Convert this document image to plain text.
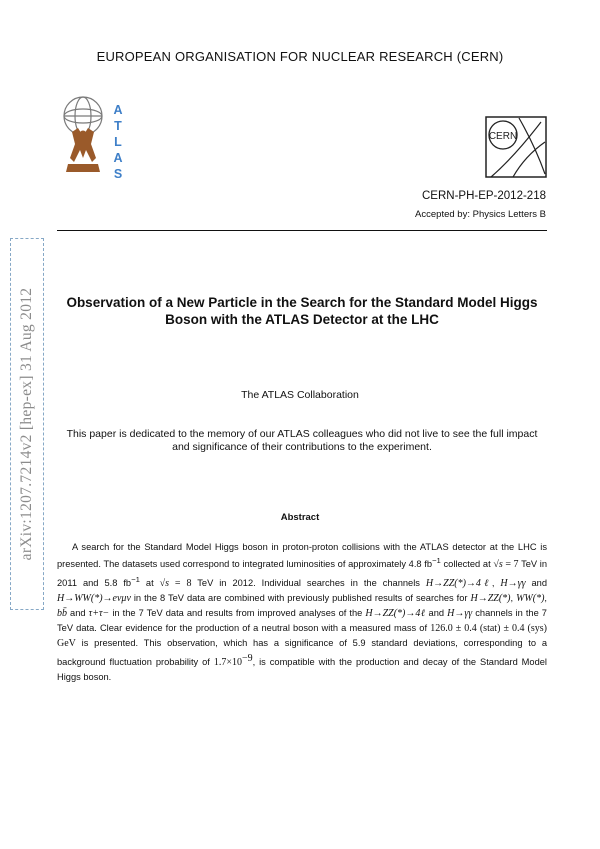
EUROPEAN ORGANISATION FOR NUCLEAR RESEARCH (CERN)
A
T
L
A
S
CERN
CERN-PH-EP-2012-218
Accepted by: Physics Letters B
arXiv:1207.7214v2 [hep-ex] 31 Aug 2012	Observation of a New Particle in the Search for the Standard Model Higgs Boson with the ATLAS Detector at the LHC
The ATLAS Collaboration
This paper is dedicated to the memory of our ATLAS colleagues who did not live to see the full impact and significance of their contributions to the experiment.
Abstract

A search for the Standard Model Higgs boson in proton-proton collisions with the ATLAS detector at the LHC is presented. The datasets used correspond to integrated luminosities of approximately 4.8 $fb^{-1}$ collected at √s = 7 TeV in 2011 and 5.8 $fb^{-1}$ at √s = 8 TeV in 2012. Individual searches in the channels H→ZZ(*)→4ℓ, H→γγ and H→WW(*)→eνμν in the 8 TeV data are combined with previously published results of searches for H→ZZ(*), WW(*), bb̄ and τ+τ− in the 7 TeV data and results from improved analyses of the H→ZZ(*)→4ℓ and H→γγ channels in the 7 TeV data. Clear evidence for the production of a neutral boson with a measured mass of 126.0 ± 0.4 (stat) ± 0.4 (sys) GeV is presented. This observation, which has a significance of 5.9 standard deviations, corresponding to a background fluctuation probability of $1.7\times 10^{-9}$, is compatible with the production and decay of the Standard Model Higgs boson.
